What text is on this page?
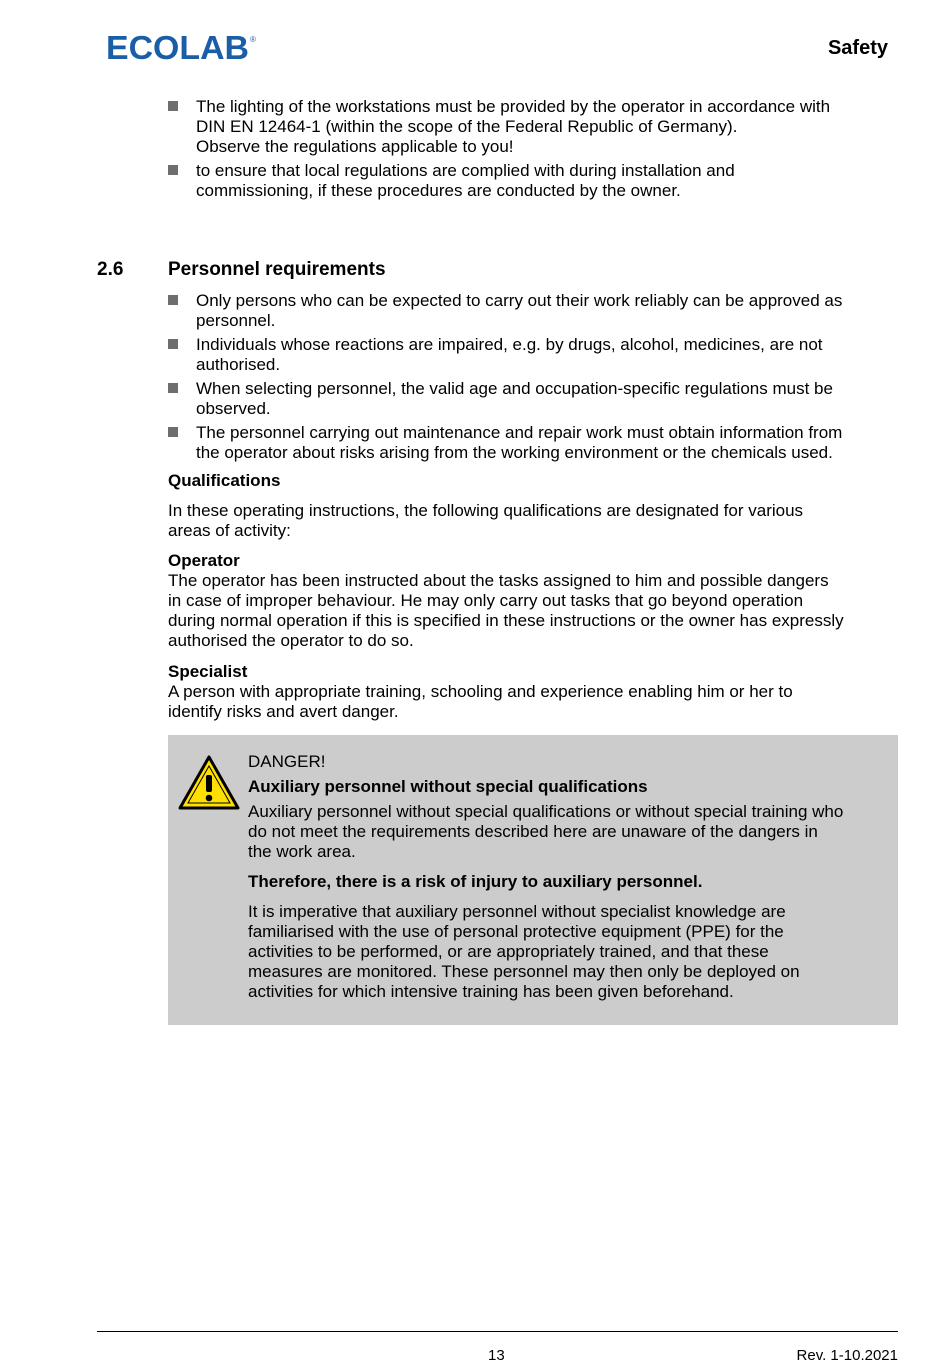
ECOLAB ®	Safety
The lighting of the workstations must be provided by the operator in accordance with
DIN EN 12464-1 (within the scope of the Federal Republic of Germany).
Observe the regulations applicable to you!
to ensure that local regulations are complied with during installation and
commissioning, if these procedures are conducted by the owner.
2.6 Personnel requirements
Only persons who can be expected to carry out their work reliably can be approved as
personnel.
Individuals whose reactions are impaired, e.g. by drugs, alcohol, medicines, are not
authorised.
When selecting personnel, the valid age and occupation-specific regulations must be
observed.
The personnel carrying out maintenance and repair work must obtain information from
the operator about risks arising from the working environment or the chemicals used.
Qualifications
In these operating instructions, the following qualifications are designated for various
areas of activity:
Operator
The operator has been instructed about the tasks assigned to him and possible dangers
in case of improper behaviour. He may only carry out tasks that go beyond operation
during normal operation if this is specified in these instructions or the owner has expressly
authorised the operator to do so.
Specialist
A person with appropriate training, schooling and experience enabling him or her to
identify risks and avert danger.

DANGER!

Auxiliary personnel without special qualifications

Auxiliary personnel without special qualifications or without special training who
do not meet the requirements described here are unaware of the dangers in
the work area.

Therefore, there is a risk of injury to auxiliary personnel.

It is imperative that auxiliary personnel without specialist knowledge are
familiarised with the use of personal protective equipment (PPE) for the
activities to be performed, or are appropriately trained, and that these
measures are monitored. These personnel may then only be deployed on
activities for which intensive training has been given beforehand.

13	Rev. 1-10.2021
